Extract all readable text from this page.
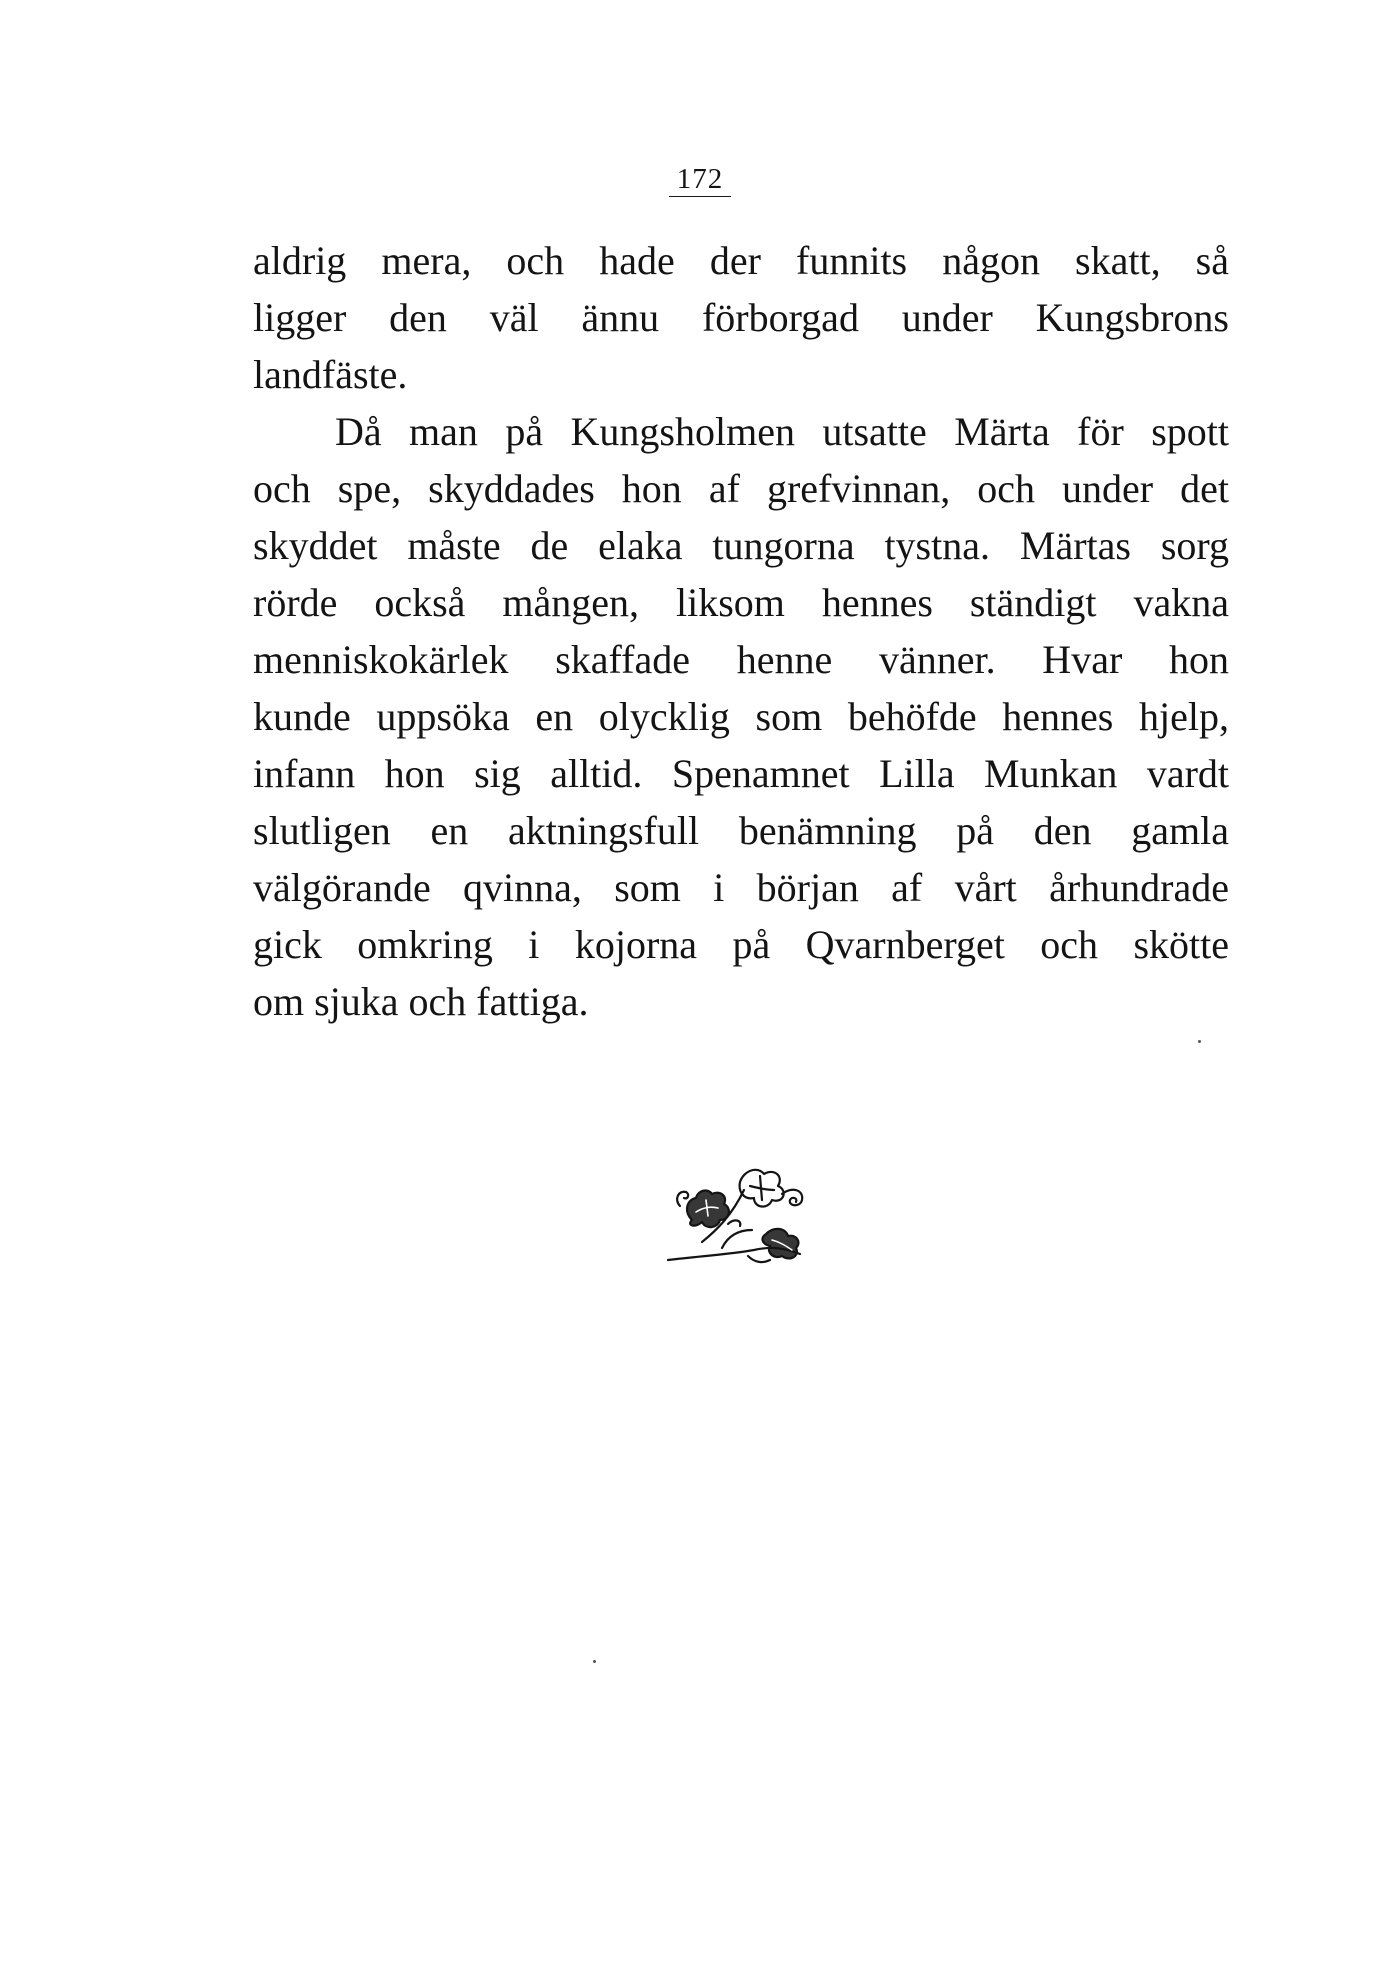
172

aldrig mera, och hade der funnits någon skatt, så
ligger den väl ännu förborgad under Kungsbrons
landfäste.

Då man på Kungsholmen utsatte Märta för spott
och spe, skyddades hon af grefvinnan, och under det
skyddet måste de elaka tungorna tystna. Märtas sorg
rörde också mången, liksom hennes ständigt vakna
menniskokärlek skaffade henne vänner. Hvar hon
kunde uppsöka en olycklig som behöfde hennes hjelp,
infann hon sig alltid. Spenamnet Lilla Munkan vardt
slutligen en aktningsfull benämning på den gamla
välgörande qvinna, som i början af vårt århundrade
gick omkring i kojorna på Qvarnberget och skötte
om sjuka och fattiga.
